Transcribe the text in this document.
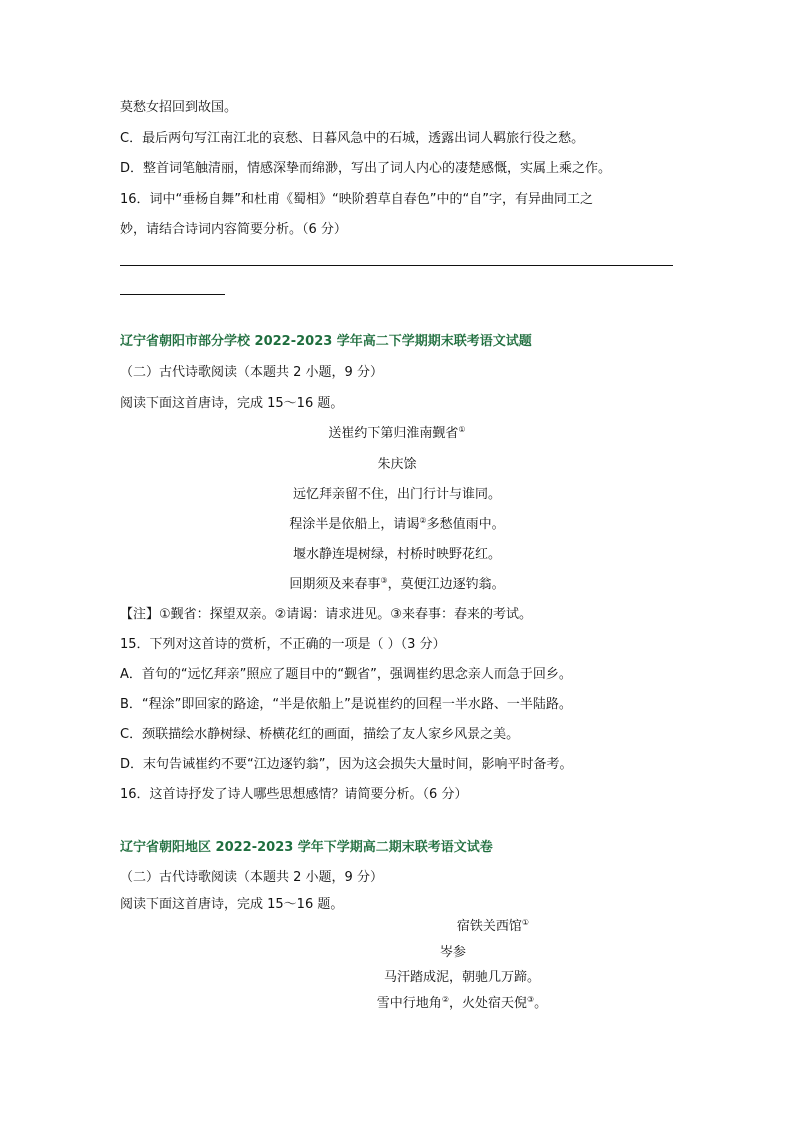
莫愁女招回到故国。
C．最后两句写江南江北的哀愁、日暮风急中的石城，透露出词人羁旅行役之愁。
D．整首词笔触清丽，情感深挚而绵渺，写出了词人内心的凄楚感慨，实属上乘之作。
16．词中“垂杨自舞”和杜甫《蜀相》“映阶碧草自春色”中的“自”字，有异曲同工之
妙，请结合诗词内容简要分析。（6 分）
辽宁省朝阳市部分学校 2022-2023 学年高二下学期期末联考语文试题
（二）古代诗歌阅读（本题共 2 小题，9 分）
阅读下面这首唐诗，完成 15～16 题。
送崔约下第归淮南觐省①
朱庆馀
远忆拜亲留不住，出门行计与谁同。
程涂半是依船上，请谒②多愁值雨中。
堰水静连堤树绿，村桥时映野花红。
回期须及来春事③，莫便江边逐钓翁。
【注】①觐省：探望双亲。②请谒：请求进见。③来春事：春来的考试。
15．下列对这首诗的赏析，不正确的一项是（ ）（3 分）
A．首句的“远忆拜亲”照应了题目中的“觐省”，强调崔约思念亲人而急于回乡。
B．“程涂”即回家的路途，“半是依船上”是说崔约的回程一半水路、一半陆路。
C．颈联描绘水静树绿、桥横花红的画面，描绘了友人家乡风景之美。
D．末句告诫崔约不要“江边逐钓翁”，因为这会损失大量时间，影响平时备考。
16．这首诗抒发了诗人哪些思想感情？请简要分析。（6 分）
辽宁省朝阳地区 2022-2023 学年下学期高二期末联考语文试卷
（二）古代诗歌阅读（本题共 2 小题，9 分）
阅读下面这首唐诗，完成 15～16 题。
宿铁关西馆①
岑参
马汗踏成泥，朝驰几万蹄。
雪中行地角②，火处宿天倪③。
